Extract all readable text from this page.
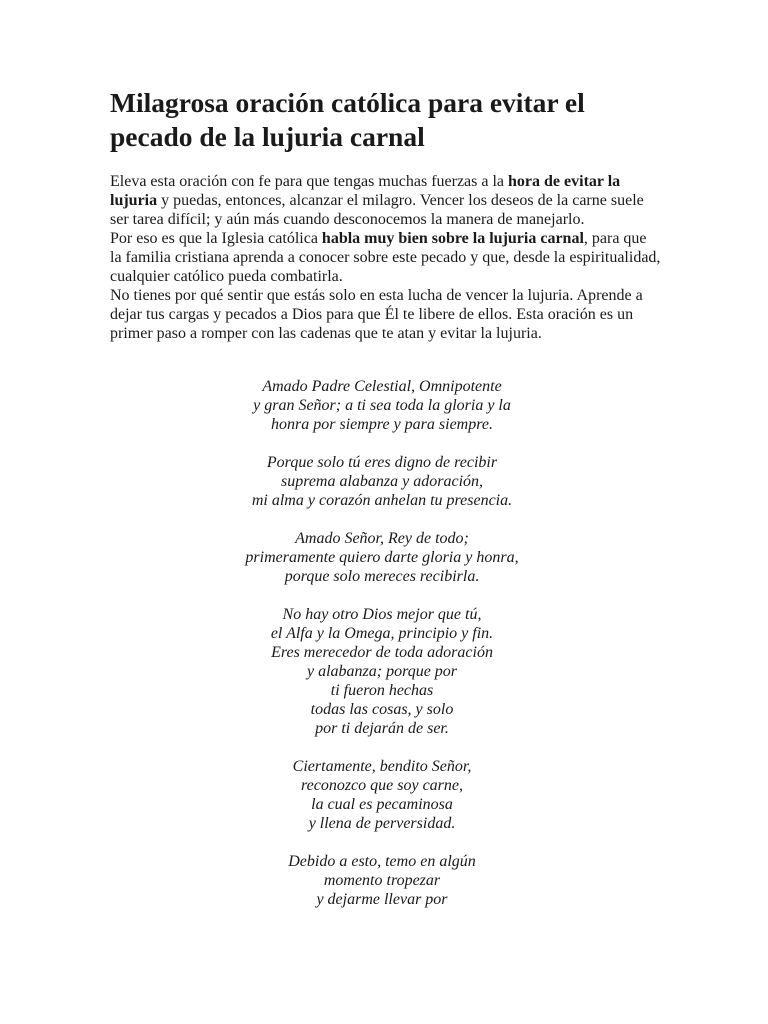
Milagrosa oración católica para evitar el pecado de la lujuria carnal

Eleva esta oración con fe para que tengas muchas fuerzas a la hora de evitar la lujuria y puedas, entonces, alcanzar el milagro. Vencer los deseos de la carne suele ser tarea difícil; y aún más cuando desconocemos la manera de manejarlo.

Por eso es que la Iglesia católica habla muy bien sobre la lujuria carnal, para que la familia cristiana aprenda a conocer sobre este pecado y que, desde la espiritualidad, cualquier católico pueda combatirla.

No tienes por qué sentir que estás solo en esta lucha de vencer la lujuria. Aprende a dejar tus cargas y pecados a Dios para que Él te libere de ellos. Esta oración es un primer paso a romper con las cadenas que te atan y evitar la lujuria.

Amado Padre Celestial, Omnipotente
y gran Señor; a ti sea toda la gloria y la
honra por siempre y para siempre.
Porque solo tú eres digno de recibir
suprema alabanza y adoración,
mi alma y corazón anhelan tu presencia.
Amado Señor, Rey de todo;
primeramente quiero darte gloria y honra,
porque solo mereces recibirla.
No hay otro Dios mejor que tú,
el Alfa y la Omega, principio y fin.
Eres merecedor de toda adoración
y alabanza; porque por
ti fueron hechas
todas las cosas, y solo
por ti dejarán de ser.
Ciertamente, bendito Señor,
reconozco que soy carne,
la cual es pecaminosa
y llena de perversidad.
Debido a esto, temo en algún
momento tropezar
y dejarme llevar por
